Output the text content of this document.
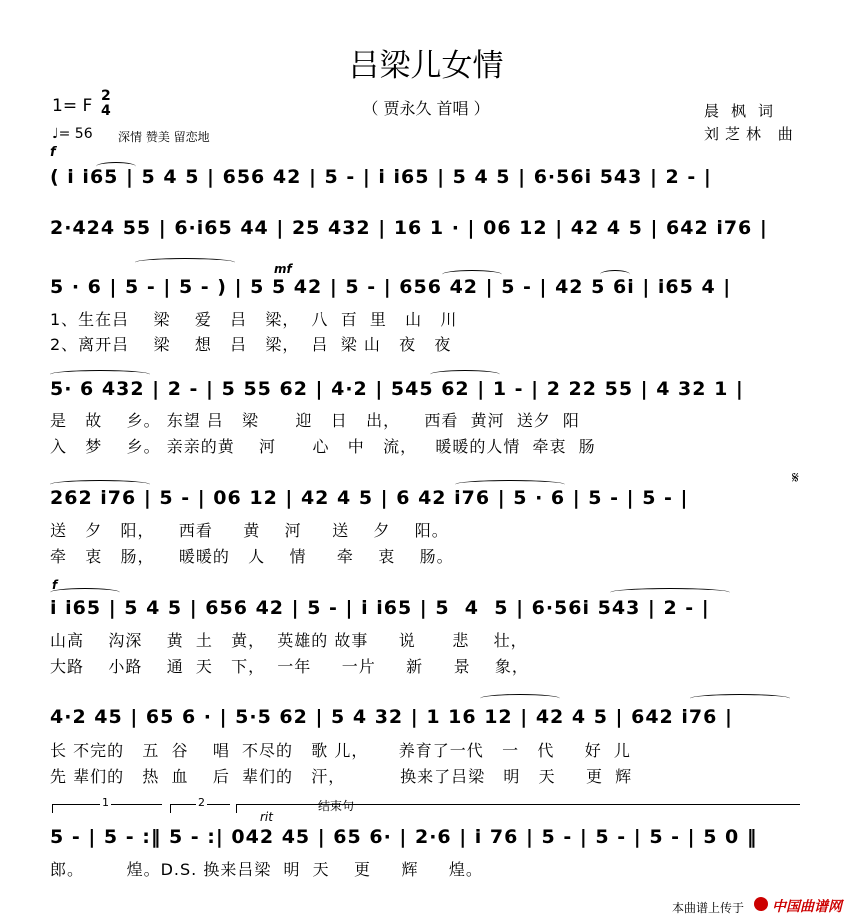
吕梁儿女情
（ 贾永久 首唱 ）
1= F 2
4
♩= 56 深情 赞美 留恋地
f
晨枫词
刘芝林 曲
( i i65 | 5 4 5 | 656 42 | 5 - | i i65 | 5 4 5 | 6·56i 543 | 2 - |
2·424 55 | 6·i65 44 | 25 432 | 16 1 · | 06 12 | 42 4 5 | 642 i76 |
mf
5 · 6 | 5 - | 5 - ) | 5 5 42 | 5 - | 656 42 | 5 - | 42 5 6i | i65 4 |
1、生在吕    梁    爱   吕   梁，  八  百  里   山   川
2、离开吕    梁    想   吕   梁，  吕  梁 山   夜   夜
5· 6 432 | 2 - | 5 55 62 | 4·2 | 545 62 | 1 - | 2 22 55 | 4 32 1 |
是   故    乡。 东望 吕   梁      迎   日   出，    西看  黄河  送夕  阳
入   梦    乡。 亲亲的黄    河      心   中   流，   暖暖的人情  牵衷  肠
𝄋
262 i76 | 5 - | 06 12 | 42 4 5 | 6 42 i76 | 5 · 6 | 5 - | 5 - |
送   夕   阳，    西看     黄    河     送    夕    阳。
牵   衷   肠，    暖暖的   人    情     牵    衷    肠。
f
i i65 | 5 4 5 | 656 42 | 5 - | i i65 | 5  4  5 | 6·56i 543 | 2 - |
山高    沟深    黄  土   黄，  英雄的 故事     说      悲    壮，
大路    小路    通  天   下，  一年     一片     新     景    象，
4·2 45 | 65 6 · | 5·5 62 | 5 4 32 | 1 16 12 | 42 4 5 | 642 i76 |
长 不完的   五  谷    唱  不尽的   歌 儿，     养育了一代   一   代     好  儿
先 辈们的   热  血    后  辈们的   汗，         换来了吕梁   明   天     更  辉
1	2	结束句
rit
5 - | 5 - :‖ 5 - :| 042 45 | 65 6· | 2·6 | i 76 | 5 - | 5 - | 5 - | 5 0 ‖
郎。       煌。D.S. 换来吕梁  明  天    更     辉     煌。
本曲谱上传于 中国曲谱网
